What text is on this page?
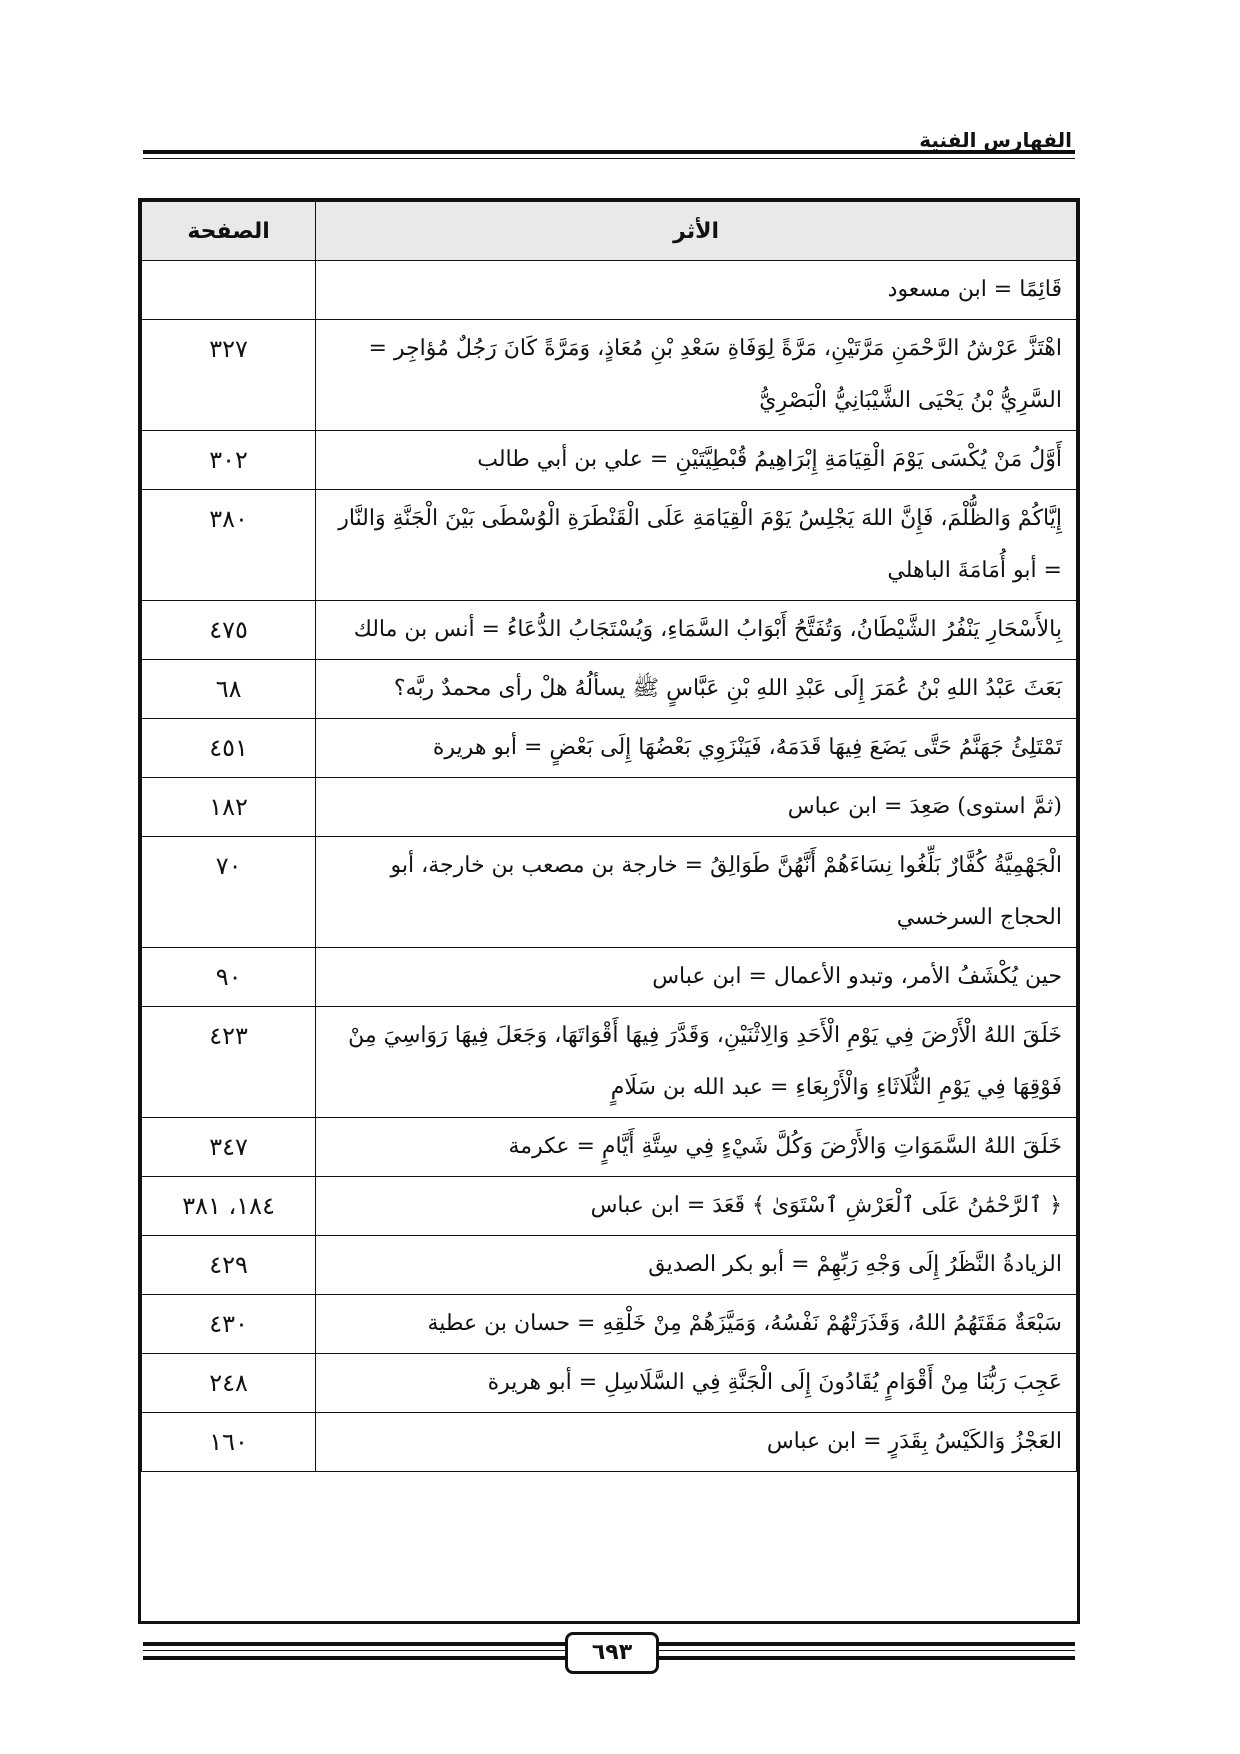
الفهارس الفنية
الأثر	الصفحة
قَائِمًا = ابن مسعود	
اهْتَزَّ عَرْشُ الرَّحْمَنِ مَرَّتَيْنِ، مَرَّةً لِوَفَاةِ سَعْدِ بْنِ مُعَاذٍ، وَمَرَّةً كَانَ رَجُلٌ مُؤاجِر = السَّرِيُّ بْنُ يَحْيَى الشَّيْبَانِيُّ الْبَصْرِيُّ	٣٢٧
أَوَّلُ مَنْ يُكْسَى يَوْمَ الْقِيَامَةِ إِبْرَاهِيمُ قُبْطِيَّتَيْنِ = علي بن أبي طالب	٣٠٢
إِيَّاكُمْ وَالظُّلْمَ، فَإِنَّ اللهَ يَجْلِسُ يَوْمَ الْقِيَامَةِ عَلَى الْقَنْطَرَةِ الْوُسْطَى بَيْنَ الْجَنَّةِ وَالنَّار = أبو أُمَامَةَ الباهلي	٣٨٠
بِالأَسْحَارِ يَنْفُرُ الشَّيْطَانُ، وَتُفَتَّحُ أَبْوَابُ السَّمَاءِ، وَيُسْتَجَابُ الدُّعَاءُ = أنس بن مالك	٤٧٥
بَعَثَ عَبْدُ اللهِ بْنُ عُمَرَ إِلَى عَبْدِ اللهِ بْنِ عَبَّاسٍ ﷺ يسألُهُ هلْ رأى محمدٌ ربَّه؟	٦٨
تَمْتَلِئُ جَهَنَّمُ حَتَّى يَضَعَ فِيهَا قَدَمَهُ، فَيَنْزَوِي بَعْضُهَا إِلَى بَعْضٍ = أبو هريرة	٤٥١
(ثمَّ استوى) صَعِدَ = ابن عباس	١٨٢
الْجَهْمِيَّةُ كُفَّارٌ بَلِّغُوا نِسَاءَهُمْ أَنَّهُنَّ طَوَالِقُ = خارجة بن مصعب بن خارجة، أبو الحجاج السرخسي	٧٠
حين يُكْشَفُ الأمر، وتبدو الأعمال = ابن عباس	٩٠
خَلَقَ اللهُ الْأَرْضَ فِي يَوْمِ الْأَحَدِ وَالِاثْنَيْنِ، وَقَدَّرَ فِيهَا أَقْوَاتَهَا، وَجَعَلَ فِيهَا رَوَاسِيَ مِنْ فَوْقِهَا فِي يَوْمِ الثُّلَاثَاءِ وَالْأَرْبِعَاءِ = عبد الله بن سَلَامٍ	٤٢٣
خَلَقَ اللهُ السَّمَوَاتِ وَالأَرْضَ وَكُلَّ شَيْءٍ فِي سِتَّةِ أَيَّامٍ = عكرمة	٣٤٧
﴿ ٱلرَّحْمَٰنُ عَلَى ٱلْعَرْشِ ٱسْتَوَىٰ ﴾ قَعَدَ = ابن عباس	١٨٤، ٣٨١
الزيادةُ النَّظَرُ إِلَى وَجْهِ رَبِّهِمْ = أبو بكر الصديق	٤٢٩
سَبْعَةٌ مَقَتَهُمُ اللهُ، وَقَذَرَتْهُمْ نَفْسُهُ، وَمَيَّزَهُمْ مِنْ خَلْقِهِ = حسان بن عطية	٤٣٠
عَجِبَ رَبُّنَا مِنْ أَقْوَامٍ يُقَادُونَ إِلَى الْجَنَّةِ فِي السَّلَاسِلِ = أبو هريرة	٢٤٨
العَجْزُ وَالكَيْسُ بِقَدَرٍ = ابن عباس	١٦٠
٦٩٣
